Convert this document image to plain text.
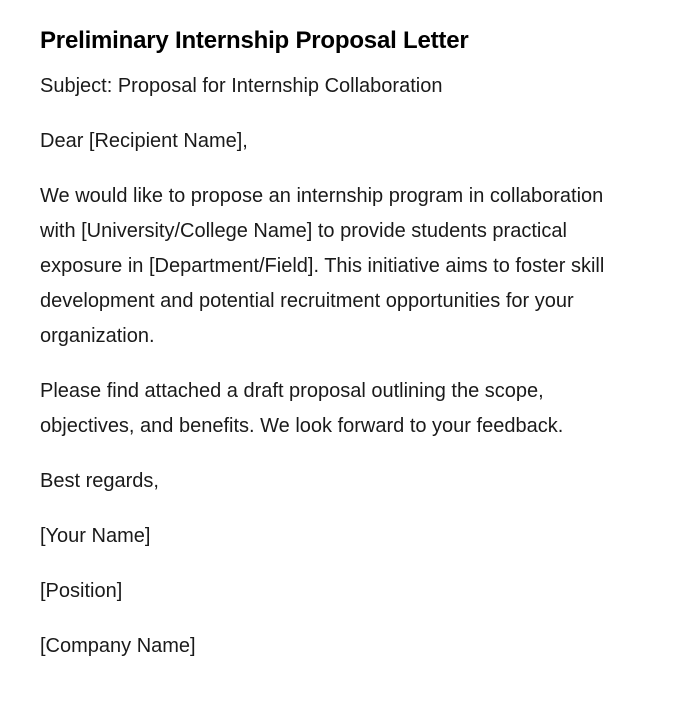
Preliminary Internship Proposal Letter

Subject: Proposal for Internship Collaboration

Dear [Recipient Name],

We would like to propose an internship program in collaboration with [University/College Name] to provide students practical exposure in [Department/Field]. This initiative aims to foster skill development and potential recruitment opportunities for your organization.

Please find attached a draft proposal outlining the scope, objectives, and benefits. We look forward to your feedback.

Best regards,

[Your Name]

[Position]

[Company Name]
